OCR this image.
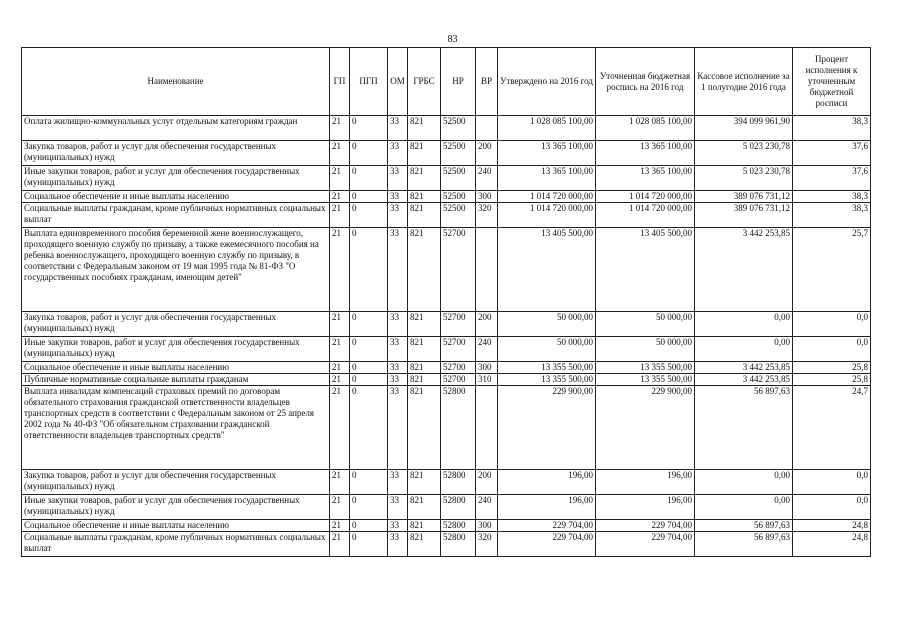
83
Наименование	ГП	ПГП	ОМ	ГРБС	НР	ВР	Утверждено на 2016 год	Уточненная бюджетная роспись на 2016 год	Кассовое исполнение за 1 полугодие 2016 года	Процент исполнения к уточненным бюджетной росписи
Оплата жилищно-коммунальных услуг отдельным категориям граждан	21	0	33	821	52500		1 028 085 100,00	1 028 085 100,00	394 099 961,90	38,3
Закупка товаров, работ и услуг для обеспечения государственных (муниципальных) нужд	21	0	33	821	52500	200	13 365 100,00	13 365 100,00	5 023 230,78	37,6
Иные закупки товаров, работ и услуг для обеспечения государственных (муниципальных) нужд	21	0	33	821	52500	240	13 365 100,00	13 365 100,00	5 023 230,78	37,6
Социальное обеспечение и иные выплаты населению	21	0	33	821	52500	300	1 014 720 000,00	1 014 720 000,00	389 076 731,12	38,3
Социальные выплаты гражданам, кроме публичных нормативных социальных выплат	21	0	33	821	52500	320	1 014 720 000,00	1 014 720 000,00	389 076 731,12	38,3
Выплата единовременного пособия беременной жене военнослужащего, проходящего военную службу по призыву, а также ежемесячного пособия на ребенка военнослужащего, проходящего военную службу по призыву, в соответствии с Федеральным законом от 19 мая 1995 года № 81-ФЗ "О государственных пособиях гражданам, имеющим детей"	21	0	33	821	52700		13 405 500,00	13 405 500,00	3 442 253,85	25,7
Закупка товаров, работ и услуг для обеспечения государственных (муниципальных) нужд	21	0	33	821	52700	200	50 000,00	50 000,00	0,00	0,0
Иные закупки товаров, работ и услуг для обеспечения государственных (муниципальных) нужд	21	0	33	821	52700	240	50 000,00	50 000,00	0,00	0,0
Социальное обеспечение и иные выплаты населению	21	0	33	821	52700	300	13 355 500,00	13 355 500,00	3 442 253,85	25,8
Публичные нормативные социальные выплаты гражданам	21	0	33	821	52700	310	13 355 500,00	13 355 500,00	3 442 253,85	25,8
Выплата инвалидам компенсаций страховых премий по договорам обязательного страхования гражданской ответственности владельцев транспортных средств в соответствии с Федеральным законом от 25 апреля 2002 года № 40-ФЗ "Об обязательном страховании гражданской ответственности владельцев транспортных средств"	21	0	33	821	52800		229 900,00	229 900,00	56 897,63	24,7
Закупка товаров, работ и услуг для обеспечения государственных (муниципальных) нужд	21	0	33	821	52800	200	196,00	196,00	0,00	0,0
Иные закупки товаров, работ и услуг для обеспечения государственных (муниципальных) нужд	21	0	33	821	52800	240	196,00	196,00	0,00	0,0
Социальное обеспечение и иные выплаты населению	21	0	33	821	52800	300	229 704,00	229 704,00	56 897,63	24,8
Социальные выплаты гражданам, кроме публичных нормативных социальных выплат	21	0	33	821	52800	320	229 704,00	229 704,00	56 897,63	24,8
